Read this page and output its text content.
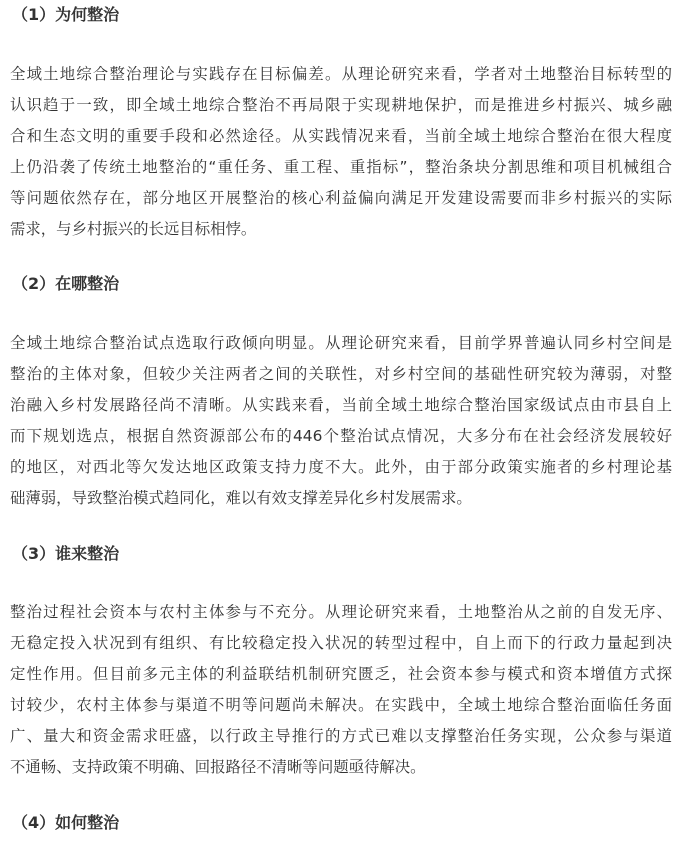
（1）为何整治

全域土地综合整治理论与实践存在目标偏差。从理论研究来看，学者对土地整治目标转型的
认识趋于一致，即全域土地综合整治不再局限于实现耕地保护，而是推进乡村振兴、城乡融
合和生态文明的重要手段和必然途径。从实践情况来看，当前全域土地综合整治在很大程度
上仍沿袭了传统土地整治的“重任务、重工程、重指标”，整治条块分割思维和项目机械组合
等问题依然存在，部分地区开展整治的核心利益偏向满足开发建设需要而非乡村振兴的实际
需求，与乡村振兴的长远目标相悖。

（2）在哪整治

全域土地综合整治试点选取行政倾向明显。从理论研究来看，目前学界普遍认同乡村空间是
整治的主体对象，但较少关注两者之间的关联性，对乡村空间的基础性研究较为薄弱，对整
治融入乡村发展路径尚不清晰。从实践来看，当前全域土地综合整治国家级试点由市县自上
而下规划选点，根据自然资源部公布的446个整治试点情况，大多分布在社会经济发展较好
的地区，对西北等欠发达地区政策支持力度不大。此外，由于部分政策实施者的乡村理论基
础薄弱，导致整治模式趋同化，难以有效支撑差异化乡村发展需求。

（3）谁来整治

整治过程社会资本与农村主体参与不充分。从理论研究来看，土地整治从之前的自发无序、
无稳定投入状况到有组织、有比较稳定投入状况的转型过程中，自上而下的行政力量起到决
定性作用。但目前多元主体的利益联结机制研究匮乏，社会资本参与模式和资本增值方式探
讨较少，农村主体参与渠道不明等问题尚未解决。在实践中，全域土地综合整治面临任务面
广、量大和资金需求旺盛，以行政主导推行的方式已难以支撑整治任务实现，公众参与渠道
不通畅、支持政策不明确、回报路径不清晰等问题亟待解决。

（4）如何整治
